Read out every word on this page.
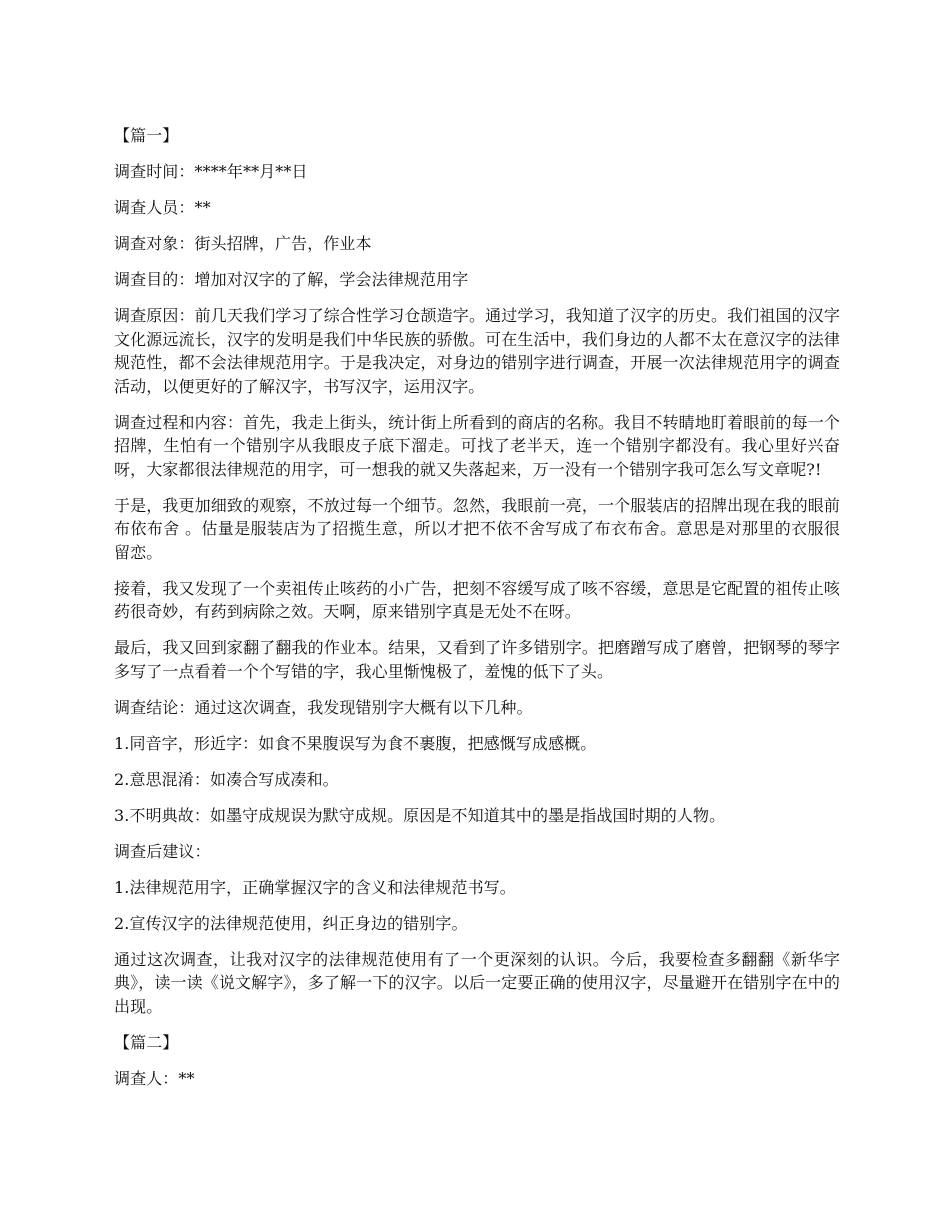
【篇一】

调查时间：****年**月**日

调查人员：**

调查对象：街头招牌，广告，作业本

调查目的：增加对汉字的了解，学会法律规范用字

调查原因：前几天我们学习了综合性学习仓颉造字。通过学习，我知道了汉字的历史。我们祖国的汉字文化源远流长，汉字的发明是我们中华民族的骄傲。可在生活中，我们身边的人都不太在意汉字的法律规范性，都不会法律规范用字。于是我决定，对身边的错别字进行调查，开展一次法律规范用字的调查活动，以便更好的了解汉字，书写汉字，运用汉字。

调查过程和内容：首先，我走上街头，统计街上所看到的商店的名称。我目不转睛地盯着眼前的每一个招牌，生怕有一个错别字从我眼皮子底下溜走。可找了老半天，连一个错别字都没有。我心里好兴奋呀，大家都很法律规范的用字，可一想我的就又失落起来，万一没有一个错别字我可怎么写文章呢?!

于是，我更加细致的观察，不放过每一个细节。忽然，我眼前一亮，一个服装店的招牌出现在我的眼前布依布舍 。估量是服装店为了招揽生意，所以才把不依不舍写成了布衣布舍。意思是对那里的衣服很留恋。

接着，我又发现了一个卖祖传止咳药的小广告，把刻不容缓写成了咳不容缓，意思是它配置的祖传止咳药很奇妙，有药到病除之效。天啊，原来错别字真是无处不在呀。

最后，我又回到家翻了翻我的作业本。结果，又看到了许多错别字。把磨蹭写成了磨曾，把钢琴的琴字多写了一点看着一个个写错的字，我心里惭愧极了，羞愧的低下了头。

调查结论：通过这次调查，我发现错别字大概有以下几种。

1.同音字，形近字：如食不果腹误写为食不裹腹，把感慨写成感概。

2.意思混淆：如凑合写成凑和。

3.不明典故：如墨守成规误为默守成规。原因是不知道其中的墨是指战国时期的人物。

调查后建议：

1.法律规范用字，正确掌握汉字的含义和法律规范书写。

2.宣传汉字的法律规范使用，纠正身边的错别字。

通过这次调查，让我对汉字的法律规范使用有了一个更深刻的认识。今后，我要检查多翻翻《新华字典》，读一读《说文解字》，多了解一下的汉字。以后一定要正确的使用汉字，尽量避开在错别字在中的出现。

【篇二】

调查人：**
